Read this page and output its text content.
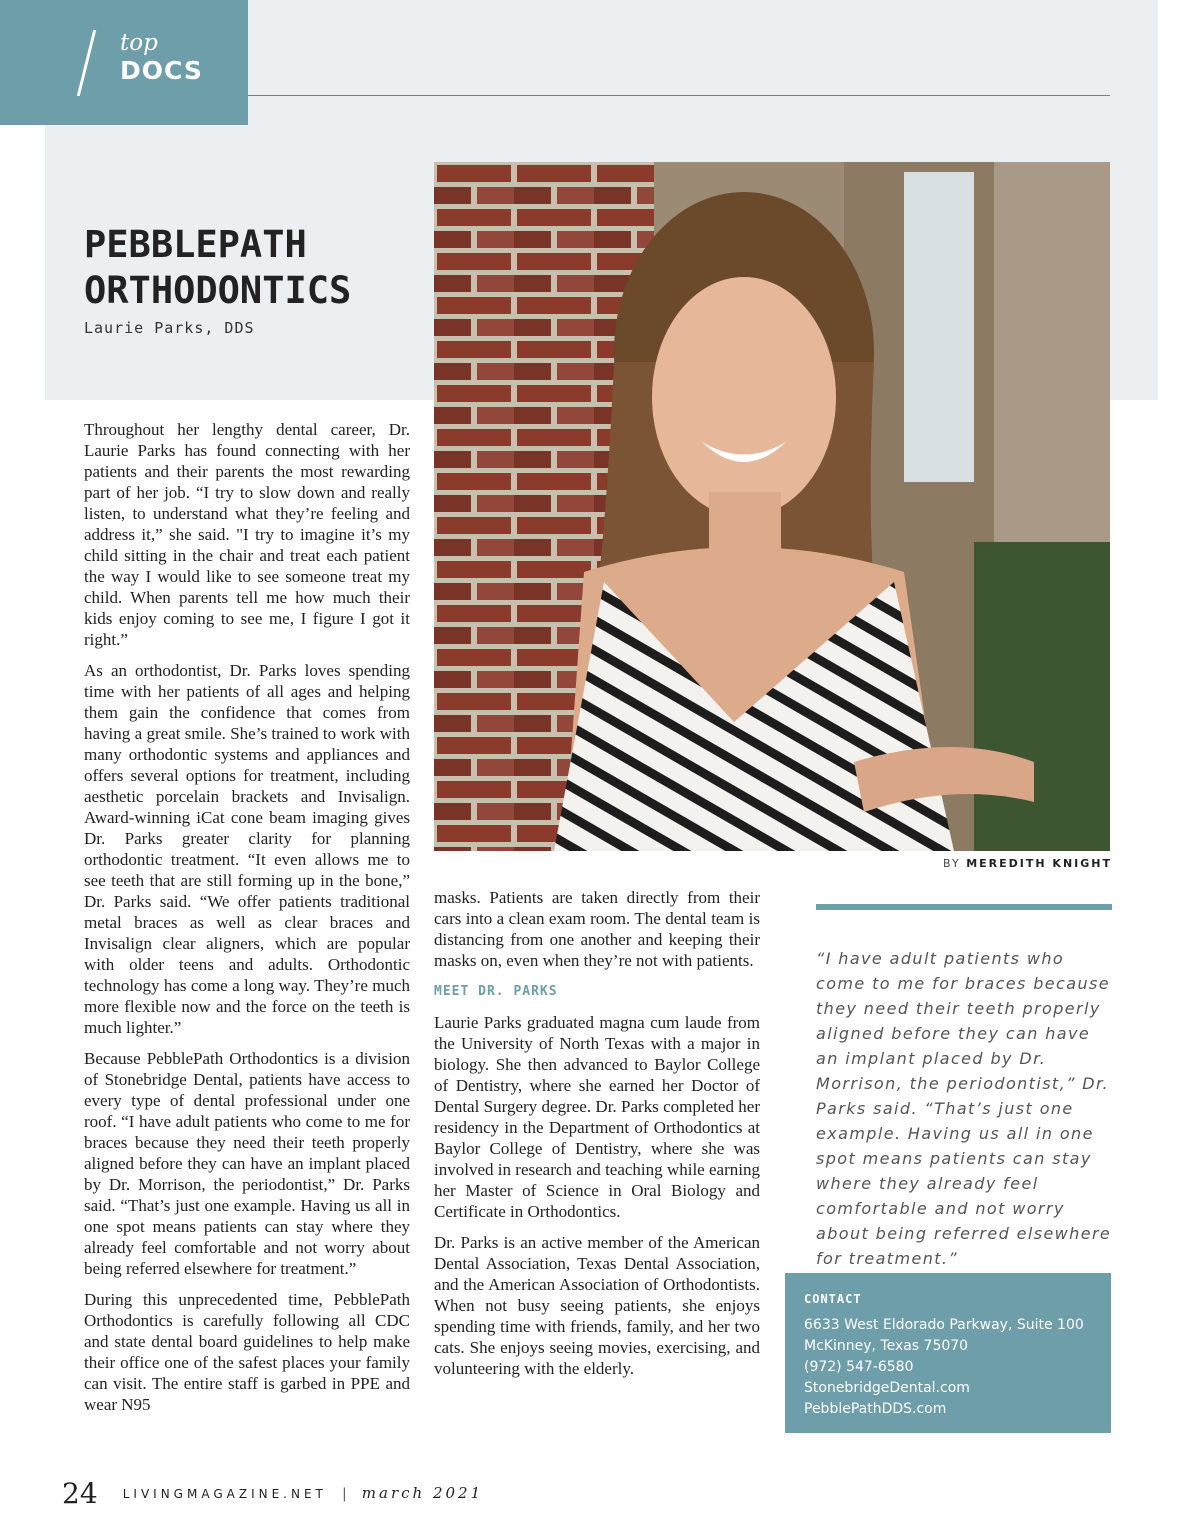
top
DOCS
PEBBLEPATH ORTHODONTICS
Laurie Parks, DDS
BY MEREDITH KNIGHT

Throughout her lengthy dental career, Dr. Laurie Parks has found connecting with her patients and their parents the most rewarding part of her job. “I try to slow down and really listen, to understand what they’re feeling and address it,” she said. "I try to imagine it’s my child sitting in the chair and treat each patient the way I would like to see someone treat my child. When parents tell me how much their kids enjoy coming to see me, I figure I got it right.”

As an orthodontist, Dr. Parks loves spending time with her patients of all ages and helping them gain the confidence that comes from having a great smile. She’s trained to work with many orthodontic systems and appliances and offers several options for treatment, including aesthetic porcelain brackets and Invisalign. Award-winning iCat cone beam imaging gives Dr. Parks greater clarity for planning orthodontic treatment. “It even allows me to see teeth that are still forming up in the bone,” Dr. Parks said. “We offer patients traditional metal braces as well as clear braces and Invisalign clear aligners, which are popular with older teens and adults. Orthodontic technology has come a long way. They’re much more flexible now and the force on the teeth is much lighter.”

Because PebblePath Orthodontics is a division of Stonebridge Dental, patients have access to every type of dental professional under one roof. “I have adult patients who come to me for braces because they need their teeth properly aligned before they can have an implant placed by Dr. Morrison, the periodontist,” Dr. Parks said. “That’s just one example. Having us all in one spot means patients can stay where they already feel comfortable and not worry about being referred elsewhere for treatment.”

During this unprecedented time, PebblePath Orthodontics is carefully following all CDC and state dental board guidelines to help make their office one of the safest places your family can visit. The entire staff is garbed in PPE and wear N95

masks. Patients are taken directly from their cars into a clean exam room. The dental team is distancing from one another and keeping their masks on, even when they’re not with patients.

MEET DR. PARKS

Laurie Parks graduated magna cum laude from the University of North Texas with a major in biology. She then advanced to Baylor College of Dentistry, where she earned her Doctor of Dental Surgery degree. Dr. Parks completed her residency in the Department of Orthodontics at Baylor College of Dentistry, where she was involved in research and teaching while earning her Master of Science in Oral Biology and Certificate in Orthodontics.

Dr. Parks is an active member of the American Dental Association, Texas Dental Association, and the American Association of Orthodontists. When not busy seeing patients, she enjoys spending time with friends, family, and her two cats. She enjoys seeing movies, exercising, and volunteering with the elderly.

“I have adult patients who come to me for braces because they need their teeth properly aligned before they can have an implant placed by Dr. Morrison, the periodontist,” Dr. Parks said. “That’s just one example. Having us all in one spot means patients can stay where they already feel comfortable and not worry about being referred elsewhere for treatment.”
CONTACT
6633 West Eldorado Parkway, Suite 100
McKinney, Texas 75070
(972) 547-6580
StonebridgeDental.com
PebblePathDDS.com
24 $^{LIVINGMAGAZINE.NET}$ | march 2021
